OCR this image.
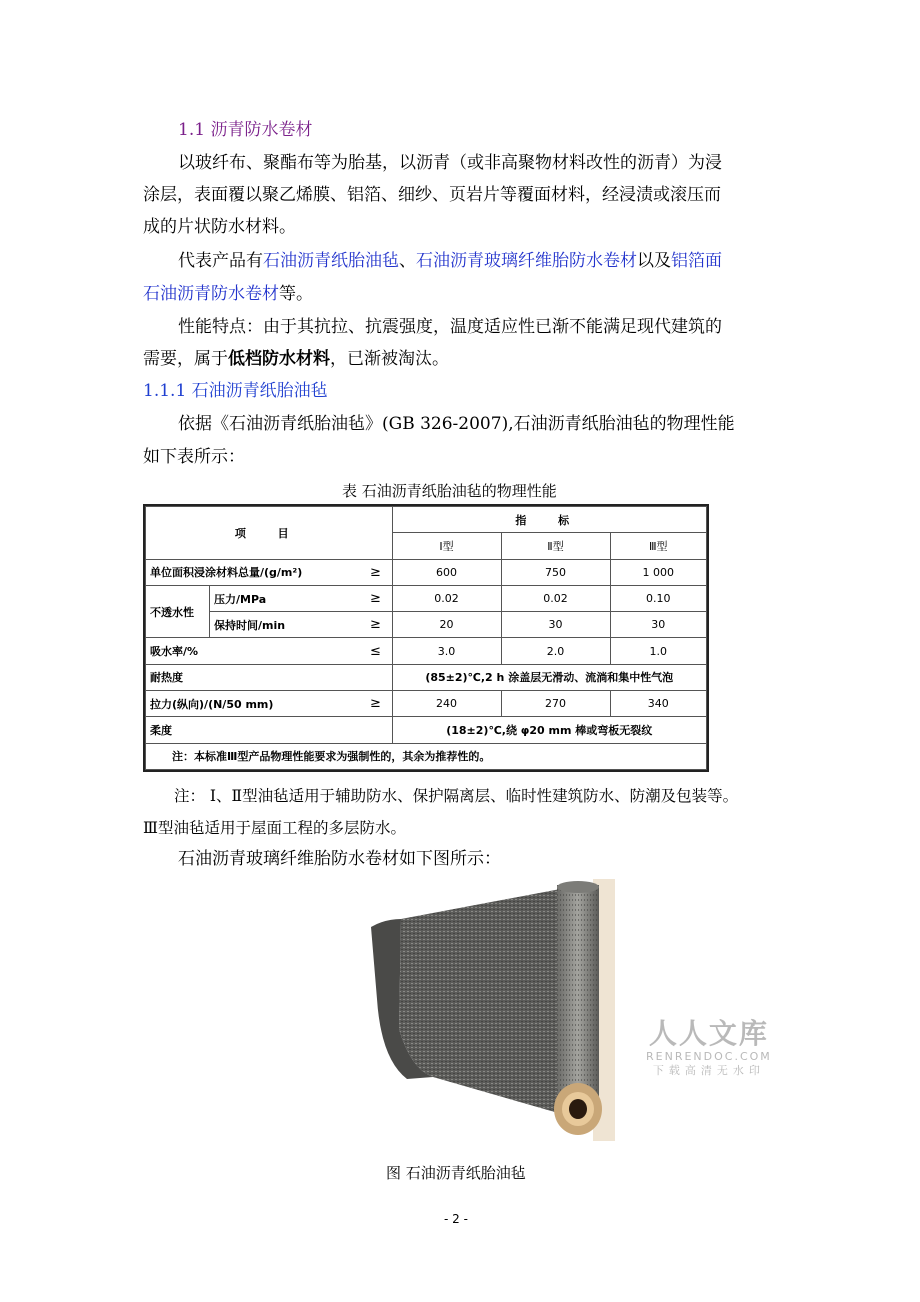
1.1 沥青防水卷材
以玻纤布、聚酯布等为胎基，以沥青（或非高聚物材料改性的沥青）为浸
涂层，表面覆以聚乙烯膜、铝箔、细纱、页岩片等覆面材料，经浸渍或滚压而
成的片状防水材料。
代表产品有石油沥青纸胎油毡、石油沥青玻璃纤维胎防水卷材以及铝箔面
石油沥青防水卷材等。
性能特点：由于其抗拉、抗震强度，温度适应性已渐不能满足现代建筑的
需要，属于低档防水材料，已渐被淘汰。
1.1.1 石油沥青纸胎油毡
依据《石油沥青纸胎油毡》(GB 326-2007),石油沥青纸胎油毡的物理性能
如下表所示：
表 石油沥青纸胎油毡的物理性能
项 目			指 标		
			Ⅰ型	Ⅱ型	Ⅲ型
单位面积浸涂材料总量/(g/m²)		≥	600	750	1 000
不透水性	压力/MPa	≥	0.02	0.02	0.10
	保持时间/min	≥	20	30	30
吸水率/%		≤	3.0	2.0	1.0
耐热度			(85±2)℃,2 h 涂盖层无滑动、流淌和集中性气泡		
拉力(纵向)/(N/50 mm)		≥	240	270	340
柔度			(18±2)℃,绕 φ20 mm 棒或弯板无裂纹		
注：本标准Ⅲ型产品物理性能要求为强制性的，其余为推荐性的。					
注： Ⅰ、Ⅱ型油毡适用于辅助防水、保护隔离层、临时性建筑防水、防潮及包装等。
Ⅲ型油毡适用于屋面工程的多层防水。
石油沥青玻璃纤维胎防水卷材如下图所示：
人人文库
RENRENDOC.COM
下载高清无水印
图 石油沥青纸胎油毡
- 2 -
